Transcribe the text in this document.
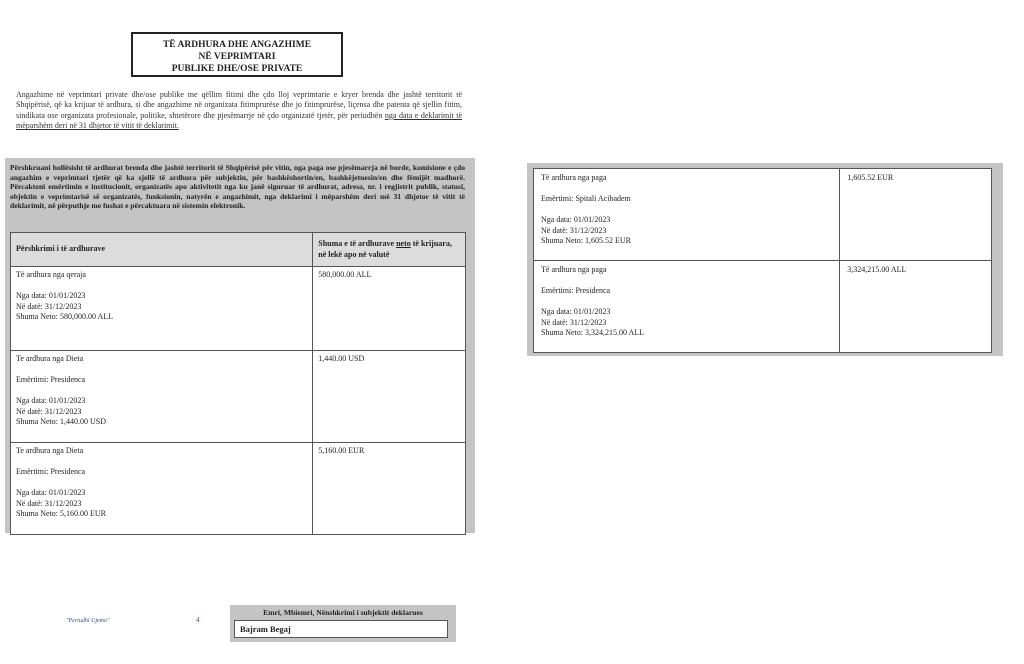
TË ARDHURA DHE ANGAZHIME
NË VEPRIMTARI
PUBLIKE DHE/OSE PRIVATE

Angazhime në veprimtari private dhe/ose publike me qëllim fitimi dhe çdo lloj veprimtarie e kryer brenda dhe jashtë territorit të Shqipërisë, që ka krijuar të ardhura, si dhe angazhime në organizata fitimprurëse dhe jo fitimprurëse, liçensa dhe patenta që sjellin fitim, sindikata ose organizata profesionale, politike, shtetërore dhe pjesëmarrje në çdo organizatë tjetër, për periudhën nga data e deklarimit të mëparshëm deri në 31 dhjetor të vitit të deklarimit.

Përshkruani hollësisht të ardhurat brenda dhe jashtë territorit të Shqipërisë për vitin, nga paga ose pjesëmarrja në borde, komisione e çdo angazhim e veprimtari tjetër që ka sjellë të ardhura për subjektin, për bashkëshortin/en, bashkëjetuesin/en dhe fëmijët madhorë. Përcaktoni emërtimin e institucionit, organizatës apo aktivitetit nga ku janë siguruar të ardhurat, adresa, nr. i regjistrit publik, statusi, objektin e veprimtarisë së organizatës, funksionin, natyrën e angazhimit, nga deklarimi i mëparshëm deri më 31 dhjetor të vitit të deklarimit, në përputhje me fushat e përcaktuara në sistemin elektronik.

Përshkrimi i të ardhurave	Shuma e të ardhurave neto të krijuara, në lekë apo në valutë

Të ardhura nga qeraja
Nga data: 01/01/2023
Në datë: 31/12/2023
Shuma Neto: 580,000.00 ALL	580,000.00 ALL

Te ardhura nga Dieta
Emërtimi: Presidenca
Nga data: 01/01/2023
Në datë: 31/12/2023
Shuma Neto: 1,440.00 USD	1,440.00 USD

Te ardhura nga Dieta
Emërtimi: Presidenca
Nga data: 01/01/2023
Në datë: 31/12/2023
Shuma Neto: 5,160.00 EUR	5,160.00 EUR
Të ardhura nga paga
Emërtimi: Spitali Acibadem
Nga data: 01/01/2023
Në datë: 31/12/2023
Shuma Neto: 1,605.52 EUR	1,605.52 EUR

Të ardhura nga paga
Emërtimi: Presidenca
Nga data: 01/01/2023
Në datë: 31/12/2023
Shuma Neto: 3,324,215.00 ALL	3,324,215.00 ALL
"Periudhi Ujemo"	4
Emri, Mbiemri, Nënshkrimi i subjektit deklarues
Bajram Begaj
